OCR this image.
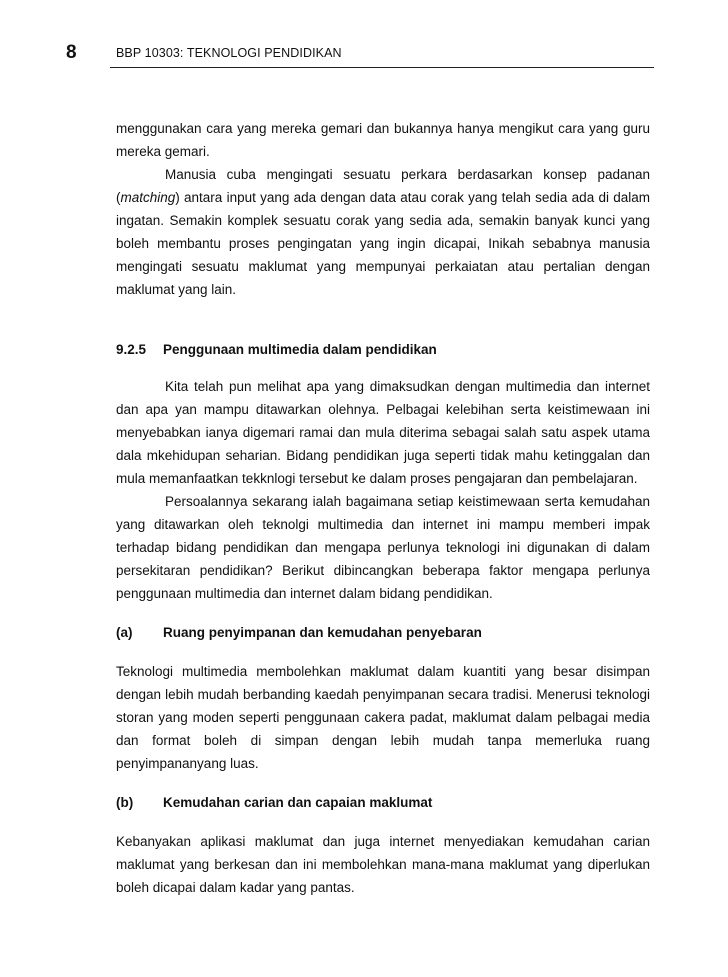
8	BBP 10303: TEKNOLOGI PENDIDIKAN

menggunakan cara yang mereka gemari dan bukannya hanya mengikut cara yang guru mereka gemari.

Manusia cuba mengingati sesuatu perkara berdasarkan konsep padanan (matching) antara input yang ada dengan data atau corak yang telah sedia ada di dalam ingatan. Semakin komplek sesuatu corak yang sedia ada, semakin banyak kunci yang boleh membantu proses pengingatan yang ingin dicapai, Inikah sebabnya manusia mengingati sesuatu maklumat yang mempunyai perkaiatan atau pertalian dengan maklumat yang lain.

9.2.5	Penggunaan multimedia dalam pendidikan

Kita telah pun melihat apa yang dimaksudkan dengan multimedia dan internet dan apa yan mampu ditawarkan olehnya. Pelbagai kelebihan serta keistimewaan ini menyebabkan ianya digemari ramai dan mula diterima sebagai salah satu aspek utama dala mkehidupan seharian. Bidang pendidikan juga seperti tidak mahu ketinggalan dan mula memanfaatkan tekknlogi tersebut ke dalam proses pengajaran dan pembelajaran.

Persoalannya sekarang ialah bagaimana setiap keistimewaan serta kemudahan yang ditawarkan oleh teknolgi multimedia dan internet ini mampu memberi impak terhadap bidang pendidikan dan mengapa perlunya teknologi ini digunakan di dalam persekitaran pendidikan? Berikut dibincangkan beberapa faktor mengapa perlunya penggunaan multimedia dan internet dalam bidang pendidikan.

(a)	Ruang penyimpanan dan kemudahan penyebaran

Teknologi multimedia membolehkan maklumat dalam kuantiti yang besar disimpan dengan lebih mudah berbanding kaedah penyimpanan secara tradisi. Menerusi teknologi storan yang moden seperti penggunaan cakera padat, maklumat dalam pelbagai media dan format boleh di simpan dengan lebih mudah tanpa memerluka ruang penyimpananyang luas.

(b)	Kemudahan carian dan capaian maklumat

Kebanyakan aplikasi maklumat dan juga internet menyediakan kemudahan carian maklumat yang berkesan dan ini membolehkan mana-mana maklumat yang diperlukan boleh dicapai dalam kadar yang pantas.
